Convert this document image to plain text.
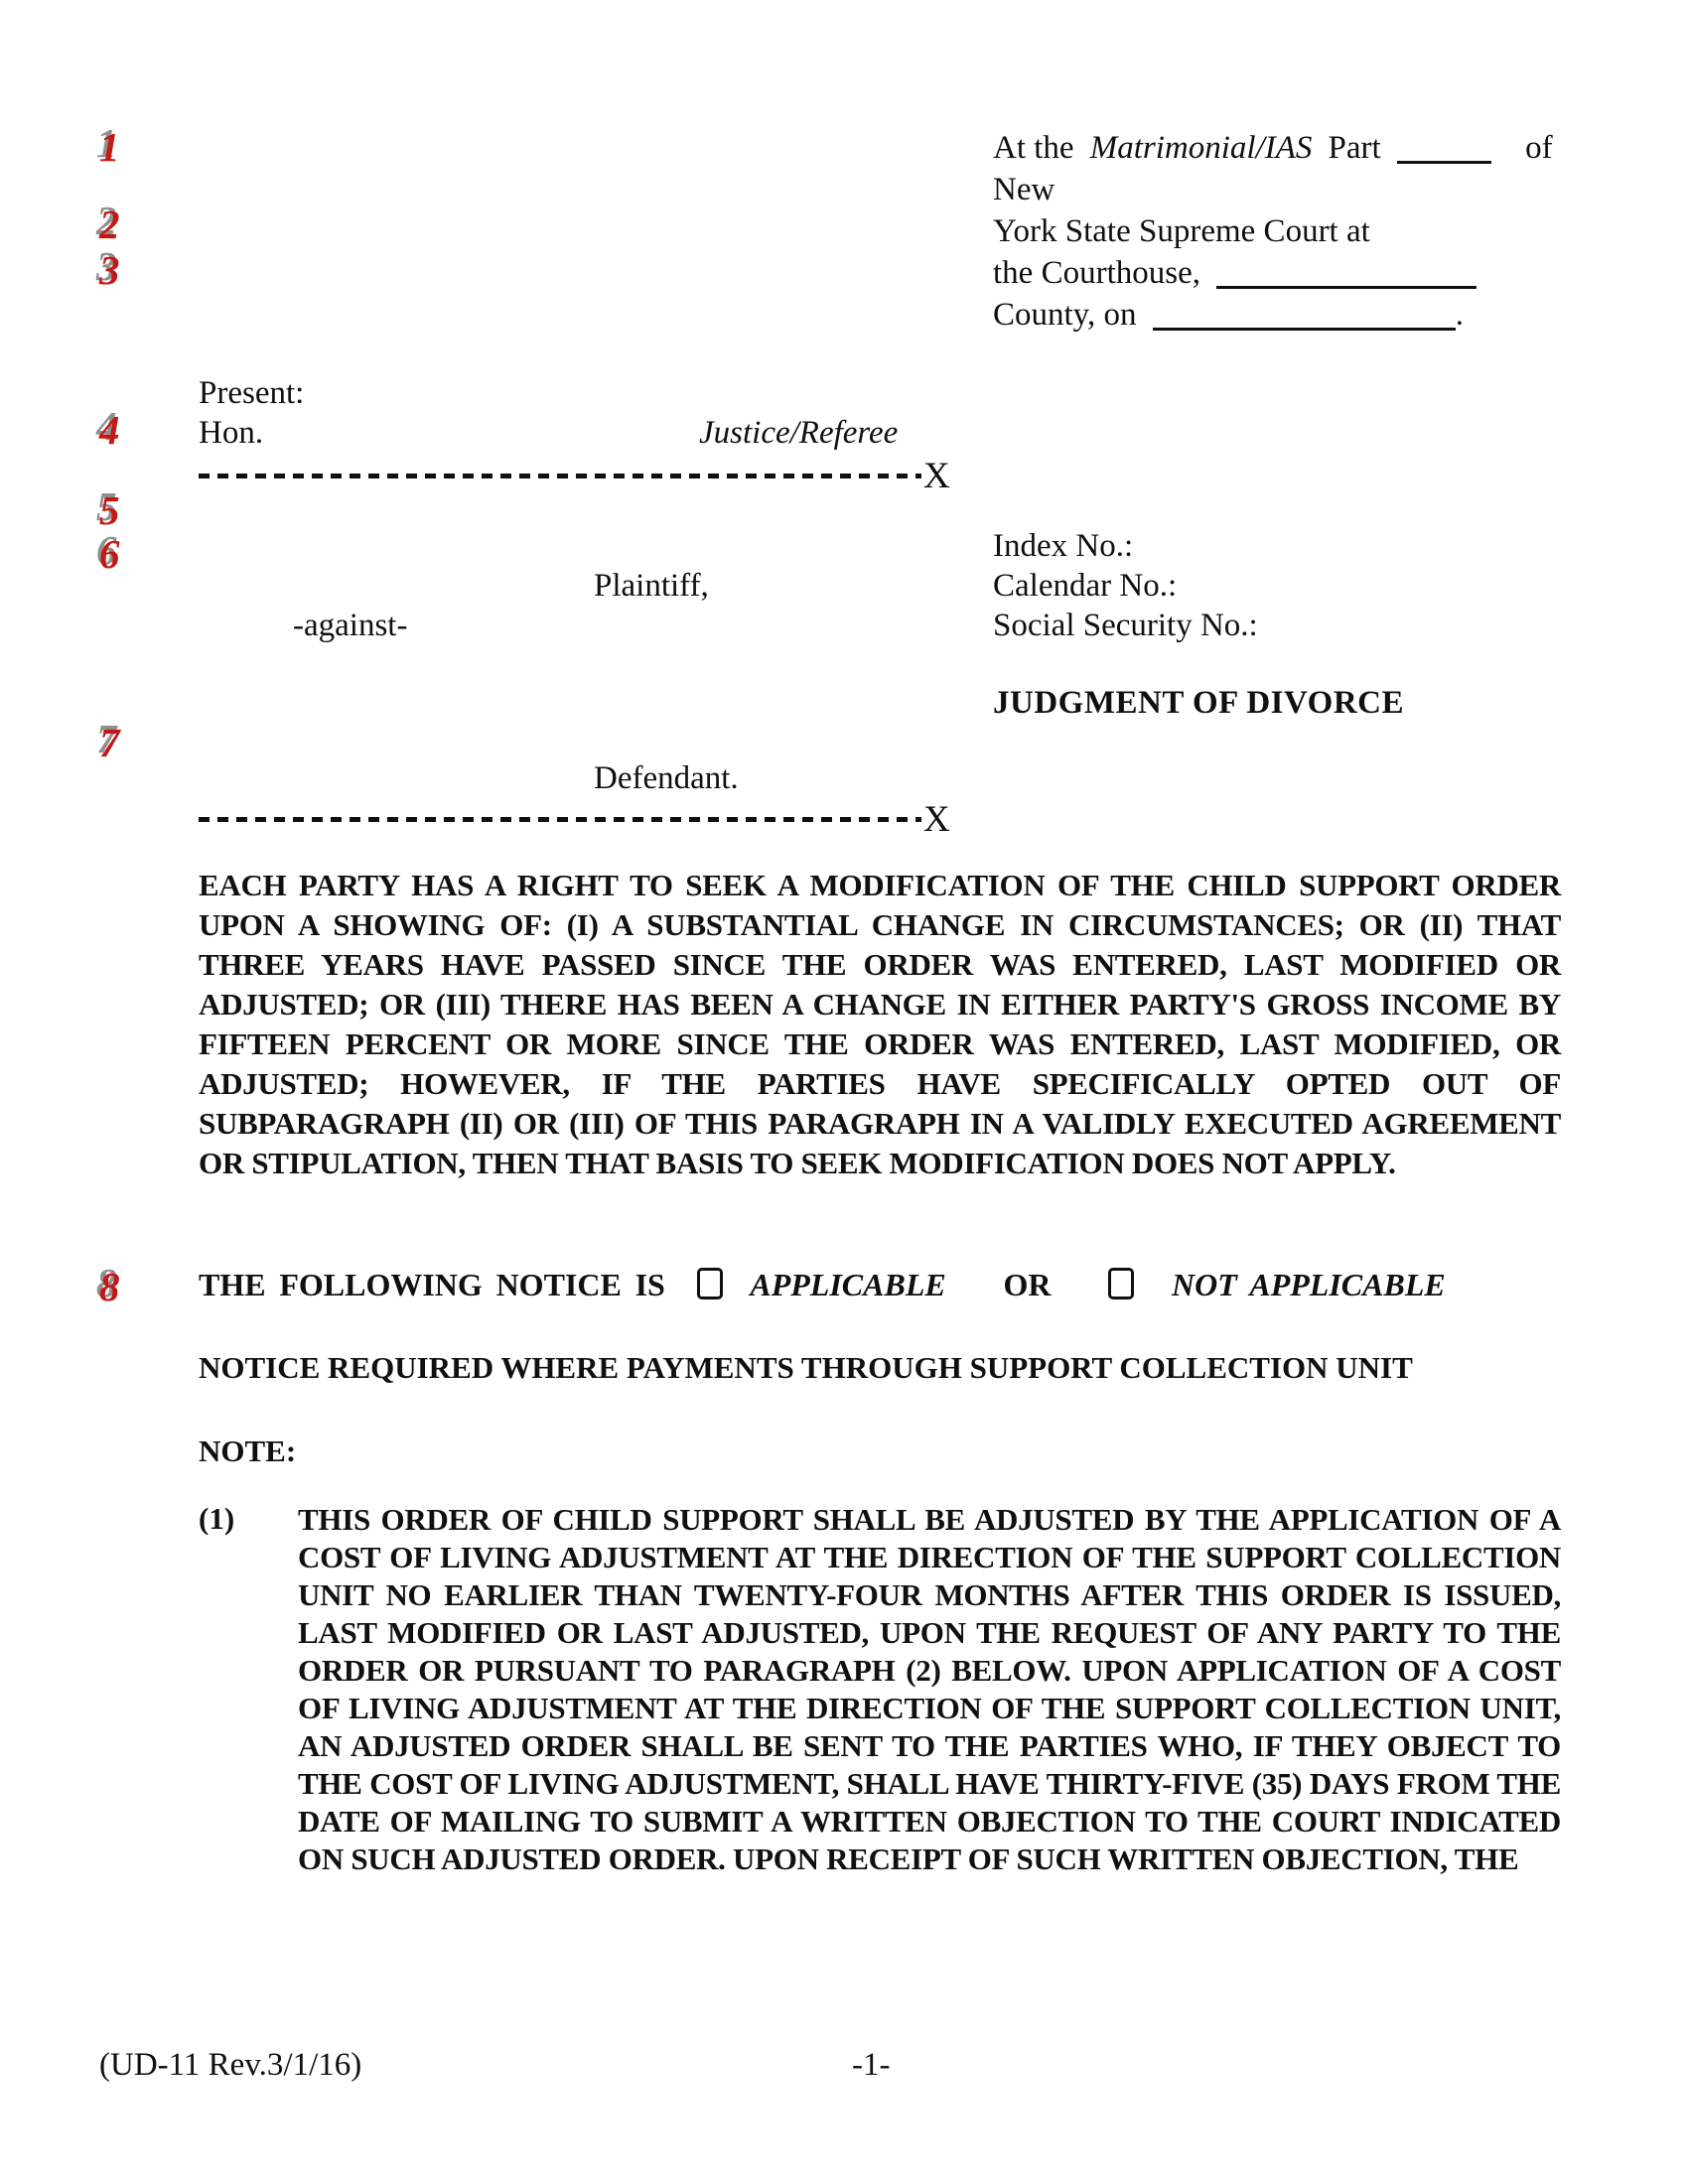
1
2
3
4
5
6
7
8
At the Matrimonial/IAS Part	of New
York State Supreme Court at
the Courthouse,
County, on	.
Present:
Hon.	Justice/Referee
X
Index No.:
Plaintiff,	Calendar No.:
-against-	Social Security No.:
JUDGMENT OF DIVORCE
Defendant.
X
EACH PARTY HAS A RIGHT TO SEEK A MODIFICATION OF THE CHILD SUPPORT ORDER UPON A SHOWING OF: (I) A SUBSTANTIAL CHANGE IN CIRCUMSTANCES; OR (II) THAT THREE YEARS HAVE PASSED SINCE THE ORDER WAS ENTERED, LAST MODIFIED OR ADJUSTED; OR (III) THERE HAS BEEN A CHANGE IN EITHER PARTY'S GROSS INCOME BY FIFTEEN PERCENT OR MORE SINCE THE ORDER WAS ENTERED, LAST MODIFIED, OR ADJUSTED; HOWEVER, IF THE PARTIES HAVE SPECIFICALLY OPTED OUT OF SUBPARAGRAPH (II) OR (III) OF THIS PARAGRAPH IN A VALIDLY EXECUTED AGREEMENT OR STIPULATION, THEN THAT BASIS TO SEEK MODIFICATION DOES NOT APPLY.
THE FOLLOWING NOTICE IS	APPLICABLE OR	NOT APPLICABLE
NOTICE REQUIRED WHERE PAYMENTS THROUGH SUPPORT COLLECTION UNIT
NOTE:
(1) THIS ORDER OF CHILD SUPPORT SHALL BE ADJUSTED BY THE APPLICATION OF A COST OF LIVING ADJUSTMENT AT THE DIRECTION OF THE SUPPORT COLLECTION UNIT NO EARLIER THAN TWENTY-FOUR MONTHS AFTER THIS ORDER IS ISSUED, LAST MODIFIED OR LAST ADJUSTED, UPON THE REQUEST OF ANY PARTY TO THE ORDER OR PURSUANT TO PARAGRAPH (2) BELOW. UPON APPLICATION OF A COST OF LIVING ADJUSTMENT AT THE DIRECTION OF THE SUPPORT COLLECTION UNIT, AN ADJUSTED ORDER SHALL BE SENT TO THE PARTIES WHO, IF THEY OBJECT TO THE COST OF LIVING ADJUSTMENT, SHALL HAVE THIRTY-FIVE (35) DAYS FROM THE DATE OF MAILING TO SUBMIT A WRITTEN OBJECTION TO THE COURT INDICATED ON SUCH ADJUSTED ORDER. UPON RECEIPT OF SUCH WRITTEN OBJECTION, THE
(UD-11 Rev.3/1/16)	-1-
